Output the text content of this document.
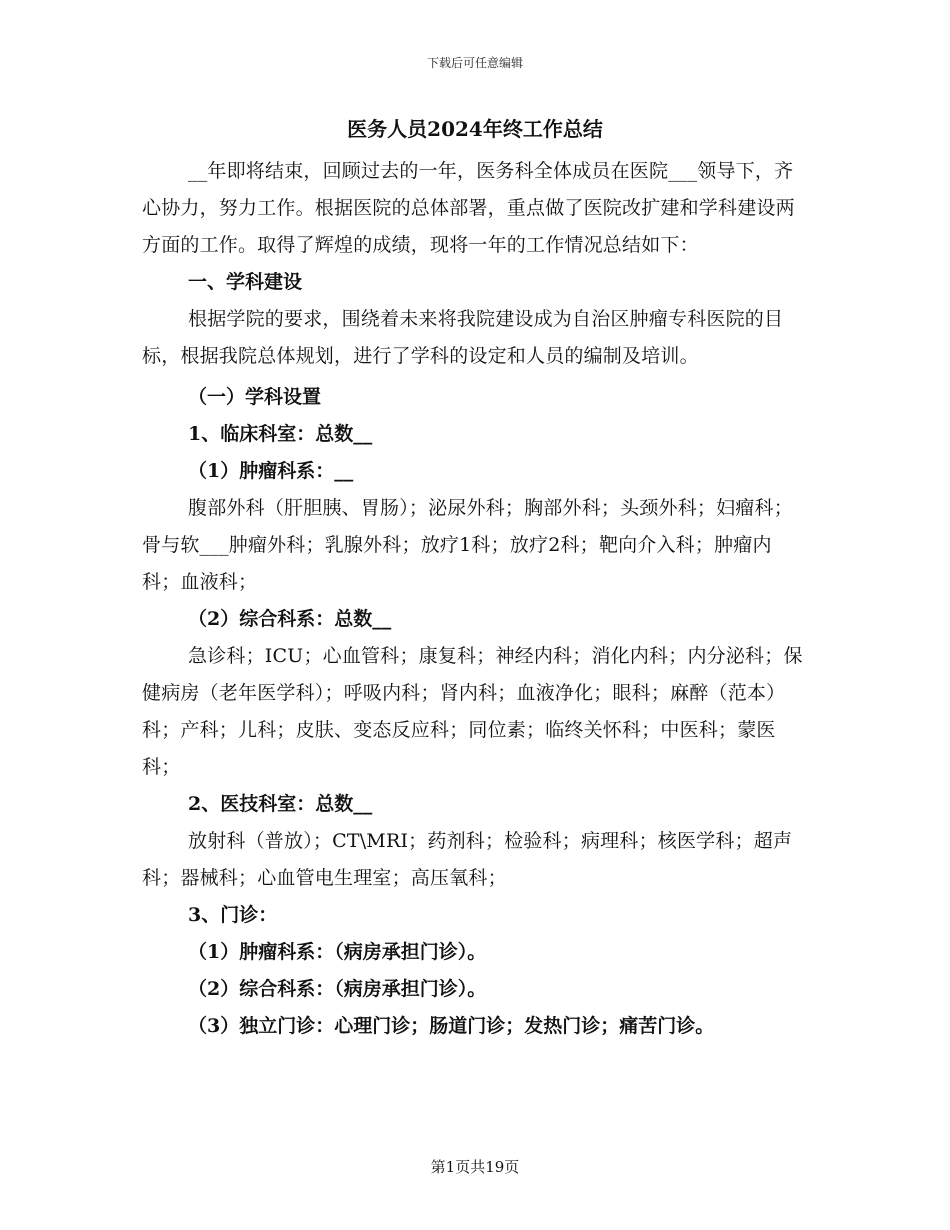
下载后可任意编辑
医务人员2024年终工作总结

__年即将结束，回顾过去的一年，医务科全体成员在医院___领导下，齐心协力，努力工作。根据医院的总体部署，重点做了医院改扩建和学科建设两方面的工作。取得了辉煌的成绩，现将一年的工作情况总结如下：

一、学科建设

根据学院的要求，围绕着未来将我院建设成为自治区肿瘤专科医院的目标，根据我院总体规划，进行了学科的设定和人员的编制及培训。

（一）学科设置

1、临床科室：总数__

（1）肿瘤科系：__

腹部外科（肝胆胰、胃肠）；泌尿外科；胸部外科；头颈外科；妇瘤科；骨与软___肿瘤外科；乳腺外科；放疗1科；放疗2科；靶向介入科；肿瘤内科；血液科；

（2）综合科系：总数__

急诊科；ICU；心血管科；康复科；神经内科；消化内科；内分泌科；保健病房（老年医学科）；呼吸内科；肾内科；血液净化；眼科；麻醉（范本）科；产科；儿科；皮肤、变态反应科；同位素；临终关怀科；中医科；蒙医科；

2、医技科室：总数__

放射科（普放）；CT\MRI；药剂科；检验科；病理科；核医学科；超声科；器械科；心血管电生理室；高压氧科；

3、门诊：

（1）肿瘤科系：（病房承担门诊）。

（2）综合科系：（病房承担门诊）。

（3）独立门诊：心理门诊；肠道门诊；发热门诊；痛苦门诊。

第1页共19页
